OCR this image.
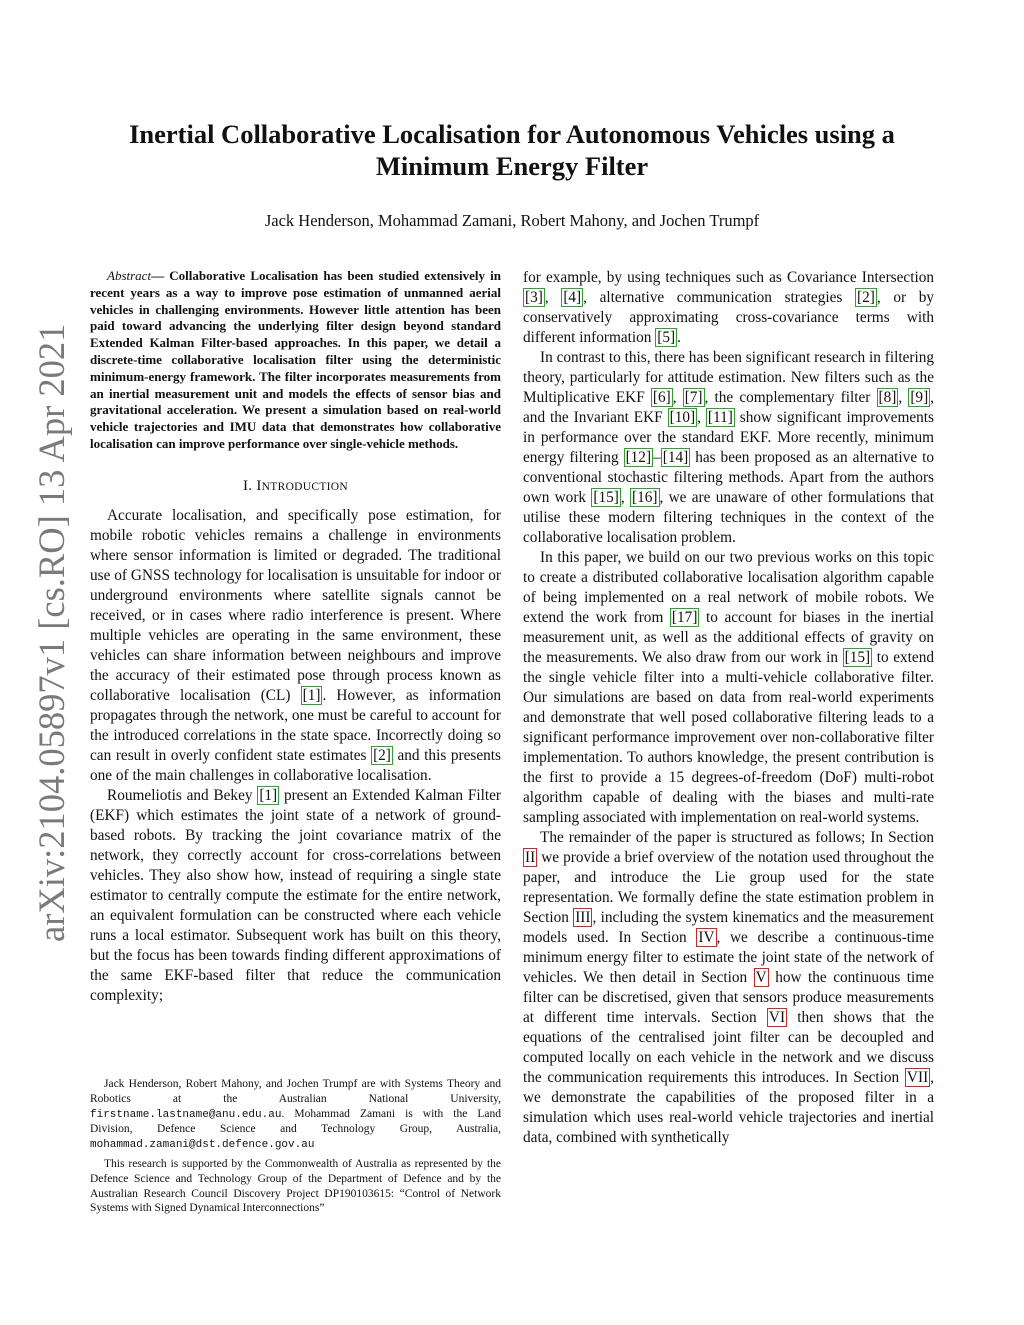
arXiv:2104.05897v1 [cs.RO] 13 Apr 2021
Inertial Collaborative Localisation for Autonomous Vehicles using a Minimum Energy Filter
Jack Henderson, Mohammad Zamani, Robert Mahony, and Jochen Trumpf

Abstract— Collaborative Localisation has been studied extensively in recent years as a way to improve pose estimation of unmanned aerial vehicles in challenging environments. However little attention has been paid toward advancing the underlying filter design beyond standard Extended Kalman Filter-based approaches. In this paper, we detail a discrete-time collaborative localisation filter using the deterministic minimum-energy framework. The filter incorporates measurements from an inertial measurement unit and models the effects of sensor bias and gravitational acceleration. We present a simulation based on real-world vehicle trajectories and IMU data that demonstrates how collaborative localisation can improve performance over single-vehicle methods.

I. INTRODUCTION

Accurate localisation, and specifically pose estimation, for mobile robotic vehicles remains a challenge in environments where sensor information is limited or degraded. The traditional use of GNSS technology for localisation is unsuitable for indoor or underground environments where satellite signals cannot be received, or in cases where radio interference is present. Where multiple vehicles are operating in the same environment, these vehicles can share information between neighbours and improve the accuracy of their estimated pose through process known as collaborative localisation (CL) [1] . However, as information propagates through the network, one must be careful to account for the introduced correlations in the state space. Incorrectly doing so can result in overly confident state estimates [2] and this presents one of the main challenges in collaborative localisation.

Roumeliotis and Bekey [1] present an Extended Kalman Filter (EKF) which estimates the joint state of a network of ground-based robots. By tracking the joint covariance matrix of the network, they correctly account for cross-correlations between vehicles. They also show how, instead of requiring a single state estimator to centrally compute the estimate for the entire network, an equivalent formulation can be constructed where each vehicle runs a local estimator. Subsequent work has built on this theory, but the focus has been towards finding different approximations of the same EKF-based filter that reduce the communication complexity;

Jack Henderson, Robert Mahony, and Jochen Trumpf are with Systems Theory and Robotics at the Australian National University, firstname.lastname@anu.edu.au. Mohammad Zamani is with the Land Division, Defence Science and Technology Group, Australia, mohammad.zamani@dst.defence.gov.au

This research is supported by the Commonwealth of Australia as represented by the Defence Science and Technology Group of the Department of Defence and by the Australian Research Council Discovery Project DP190103615: “Control of Network Systems with Signed Dynamical Interconnections”

for example, by using techniques such as Covariance Intersection [3] , [4] , alternative communication strategies [2] , or by conservatively approximating cross-covariance terms with different information [5] .

In contrast to this, there has been significant research in filtering theory, particularly for attitude estimation. New filters such as the Multiplicative EKF [6] , [7] , the complementary filter [8] , [9] , and the Invariant EKF [10] , [11] show significant improvements in performance over the standard EKF. More recently, minimum energy filtering [12] – [14] has been proposed as an alternative to conventional stochastic filtering methods. Apart from the authors own work [15] , [16] , we are unaware of other formulations that utilise these modern filtering techniques in the context of the collaborative localisation problem.

In this paper, we build on our two previous works on this topic to create a distributed collaborative localisation algorithm capable of being implemented on a real network of mobile robots. We extend the work from [17] to account for biases in the inertial measurement unit, as well as the additional effects of gravity on the measurements. We also draw from our work in [15] to extend the single vehicle filter into a multi-vehicle collaborative filter. Our simulations are based on data from real-world experiments and demonstrate that well posed collaborative filtering leads to a significant performance improvement over non-collaborative filter implementation. To authors knowledge, the present contribution is the first to provide a 15 degrees-of-freedom (DoF) multi-robot algorithm capable of dealing with the biases and multi-rate sampling associated with implementation on real-world systems.

The remainder of the paper is structured as follows; In Section II we provide a brief overview of the notation used throughout the paper, and introduce the Lie group used for the state representation. We formally define the state estimation problem in Section III , including the system kinematics and the measurement models used. In Section IV , we describe a continuous-time minimum energy filter to estimate the joint state of the network of vehicles. We then detail in Section V how the continuous time filter can be discretised, given that sensors produce measurements at different time intervals. Section VI then shows that the equations of the centralised joint filter can be decoupled and computed locally on each vehicle in the network and we discuss the communication requirements this introduces. In Section VII , we demonstrate the capabilities of the proposed filter in a simulation which uses real-world vehicle trajectories and inertial data, combined with synthetically
